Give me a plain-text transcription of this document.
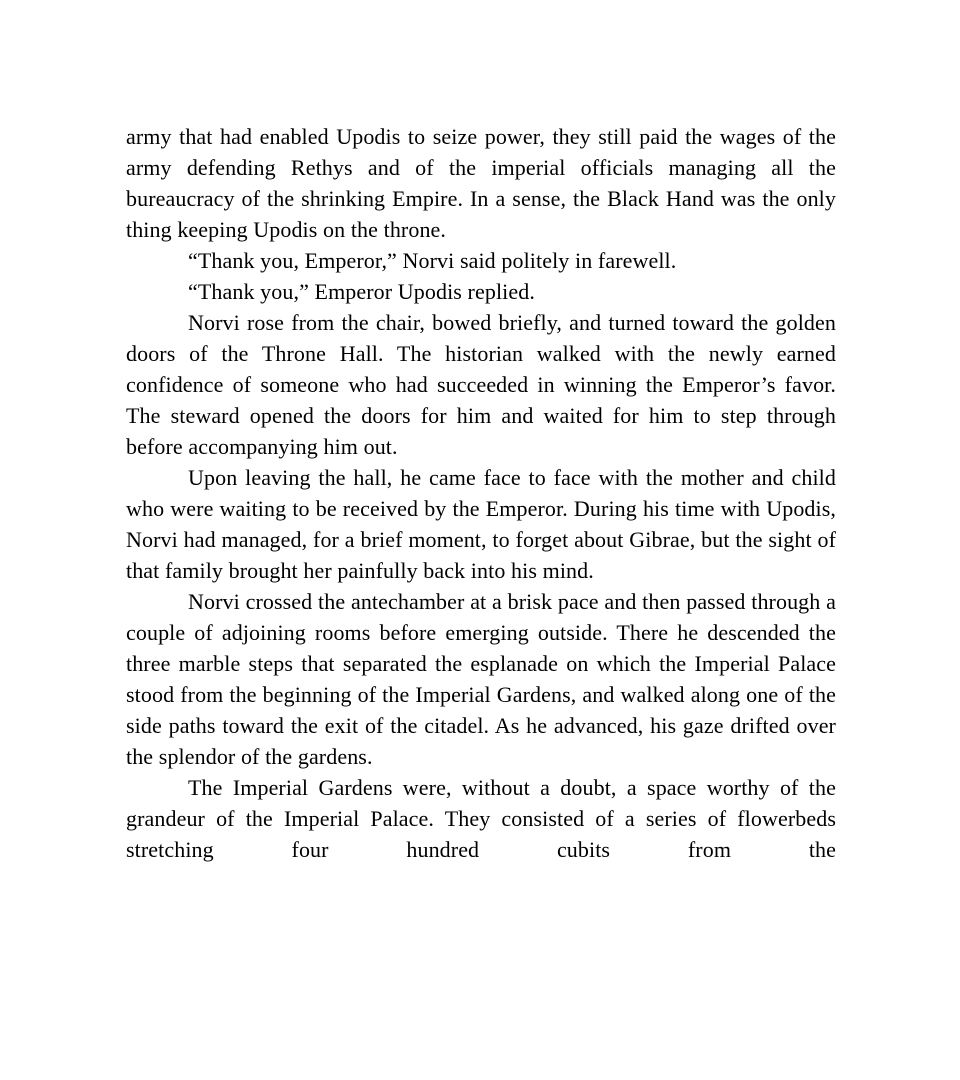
army that had enabled Upodis to seize power, they still paid the wages of the army defending Rethys and of the imperial officials managing all the bureaucracy of the shrinking Empire. In a sense, the Black Hand was the only thing keeping Upodis on the throne.

“Thank you, Emperor,” Norvi said politely in farewell.

“Thank you,” Emperor Upodis replied.

Norvi rose from the chair, bowed briefly, and turned toward the golden doors of the Throne Hall. The historian walked with the newly earned confidence of someone who had succeeded in winning the Emperor’s favor. The steward opened the doors for him and waited for him to step through before accompanying him out.

Upon leaving the hall, he came face to face with the mother and child who were waiting to be received by the Emperor. During his time with Upodis, Norvi had managed, for a brief moment, to forget about Gibrae, but the sight of that family brought her painfully back into his mind.

Norvi crossed the antechamber at a brisk pace and then passed through a couple of adjoining rooms before emerging outside. There he descended the three marble steps that separated the esplanade on which the Imperial Palace stood from the beginning of the Imperial Gardens, and walked along one of the side paths toward the exit of the citadel. As he advanced, his gaze drifted over the splendor of the gardens.

The Imperial Gardens were, without a doubt, a space worthy of the grandeur of the Imperial Palace. They consisted of a series of flowerbeds stretching four hundred cubits from the
